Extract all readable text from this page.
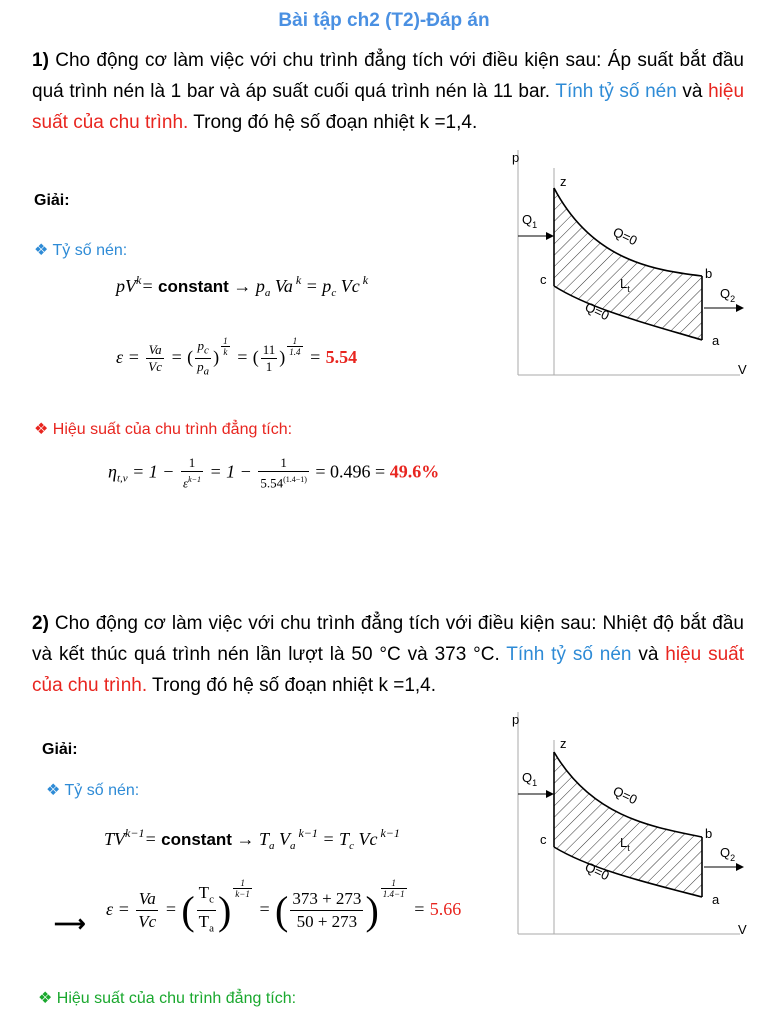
Bài tập ch2 (T2)-Đáp án
1) Cho động cơ làm việc với chu trình đẳng tích với điều kiện sau: Áp suất bắt đầu quá trình nén là 1 bar và áp suất cuối quá trình nén là 11 bar. Tính tỷ số nén và hiệu suất của chu trình. Trong đó hệ số đoạn nhiệt k =1,4.
Giải:
❖ Tỷ số nén:
$pV^k=$ constant → $p_a$ Va $^k = p_c$ Vc $^k$
$\varepsilon = \frac{Va}{Vc}$ = ( $\frac{p_c}{p_a}$ ) $\frac{1}{k}$ = ( $\frac{11}{1}$ ) $\frac{1}{1.4} = 5.54$
❖ Hiệu suất của chu trình đẳng tích:
$\eta_{t,v} = 1 - \frac{1}{\varepsilon^{k-1}} = 1 - \frac{1}{5.54^{(1.4-1)}} = 0.496 = 49.6\%$
p
V
z
c	b
a
$Q_1$
$Q_2$
$L_t$
Q=0
Q=0
2) Cho động cơ làm việc với chu trình đẳng tích với điều kiện sau: Nhiệt độ bắt đầu và kết thúc quá trình nén lần lượt là 50 °C và 373 °C. Tính tỷ số nén và hiệu suất của chu trình. Trong đó hệ số đoạn nhiệt k =1,4.
Giải:
❖ Tỷ số nén:
$TV^{k-1}=$ constant → $T_a$ $V_a$ $^{k-1} = T_c$ Vc $^{k-1}$
⟶
$\varepsilon = \frac{Va}{Vc}$ = ( $\frac{T_c}{T_a}$ ) $\frac{1}{k-1}$
= ( $\frac{373 + 273}{50 + 273}$ ) $\frac{1}{1.4-1}$
= 5.66
❖ Hiệu suất của chu trình đẳng tích:
p
V
z
c	b
a
$Q_1$
$Q_2$
$L_t$
Q=0
Q=0
